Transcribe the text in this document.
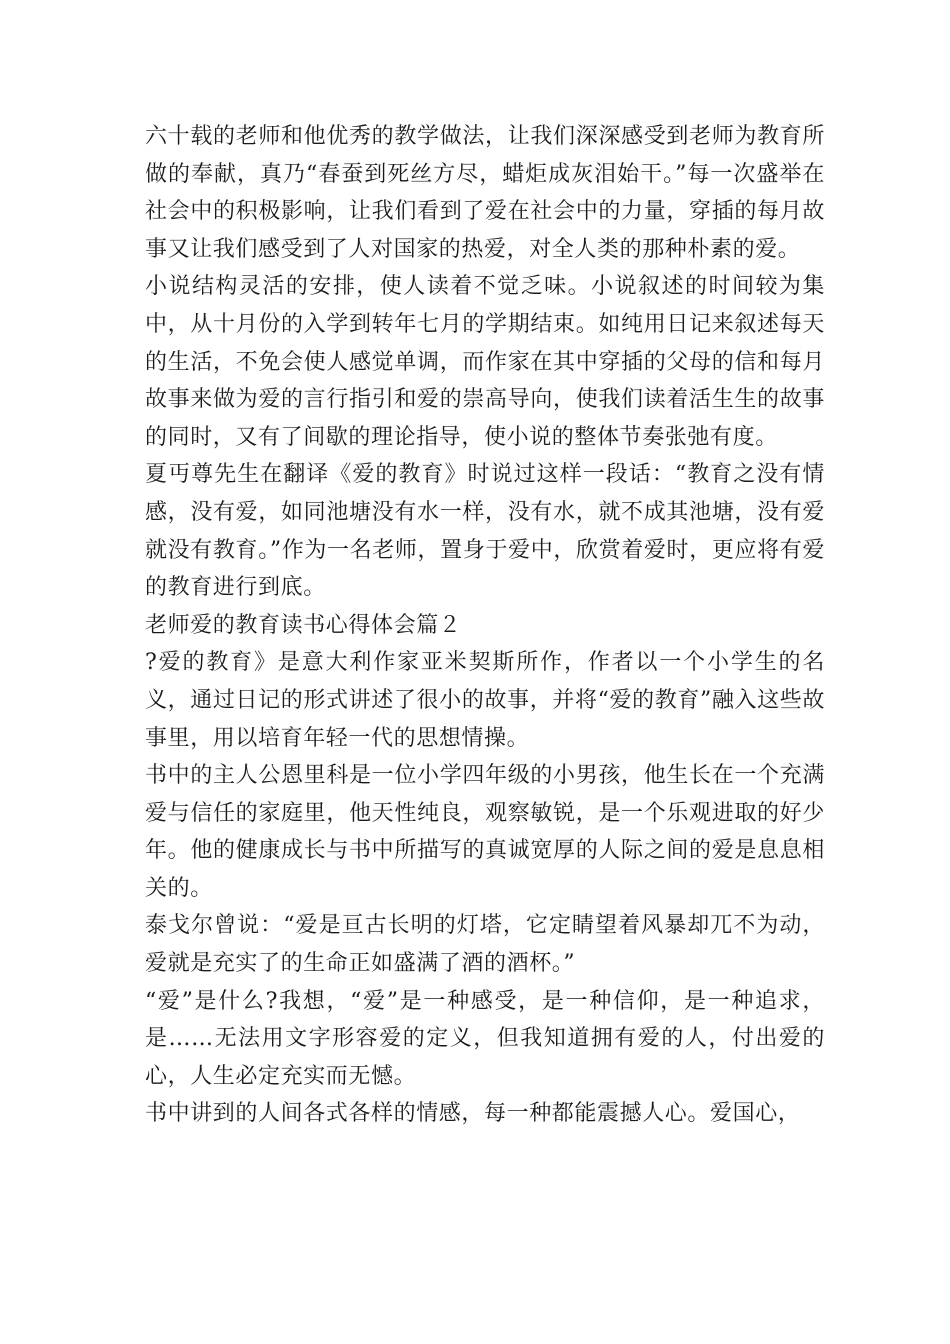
六十载的老师和他优秀的教学做法，让我们深深感受到老师为教育所做的奉献，真乃“春蚕到死丝方尽，蜡炬成灰泪始干。”每一次盛举在社会中的积极影响，让我们看到了爱在社会中的力量，穿插的每月故事又让我们感受到了人对国家的热爱，对全人类的那种朴素的爱。

小说结构灵活的安排，使人读着不觉乏味。小说叙述的时间较为集中，从十月份的入学到转年七月的学期结束。如纯用日记来叙述每天的生活，不免会使人感觉单调，而作家在其中穿插的父母的信和每月故事来做为爱的言行指引和爱的崇高导向，使我们读着活生生的故事的同时，又有了间歇的理论指导，使小说的整体节奏张弛有度。

夏丏尊先生在翻译《爱的教育》时说过这样一段话：“教育之没有情感，没有爱，如同池塘没有水一样，没有水，就不成其池塘，没有爱就没有教育。”作为一名老师，置身于爱中，欣赏着爱时，更应将有爱的教育进行到底。

老师爱的教育读书心得体会篇２

?爱的教育》是意大利作家亚米契斯所作，作者以一个小学生的名义，通过日记的形式讲述了很小的故事，并将“爱的教育”融入这些故事里，用以培育年轻一代的思想情操。

书中的主人公恩里科是一位小学四年级的小男孩，他生长在一个充满爱与信任的家庭里，他天性纯良，观察敏锐，是一个乐观进取的好少年。他的健康成长与书中所描写的真诚宽厚的人际之间的爱是息息相关的。

泰戈尔曾说：“爱是亘古长明的灯塔，它定睛望着风暴却兀不为动，爱就是充实了的生命正如盛满了酒的酒杯。”

“爱”是什么?我想，“爱”是一种感受，是一种信仰，是一种追求，是……无法用文字形容爱的定义，但我知道拥有爱的人，付出爱的心，人生必定充实而无憾。

书中讲到的人间各式各样的情感，每一种都能震撼人心。爱国心，
